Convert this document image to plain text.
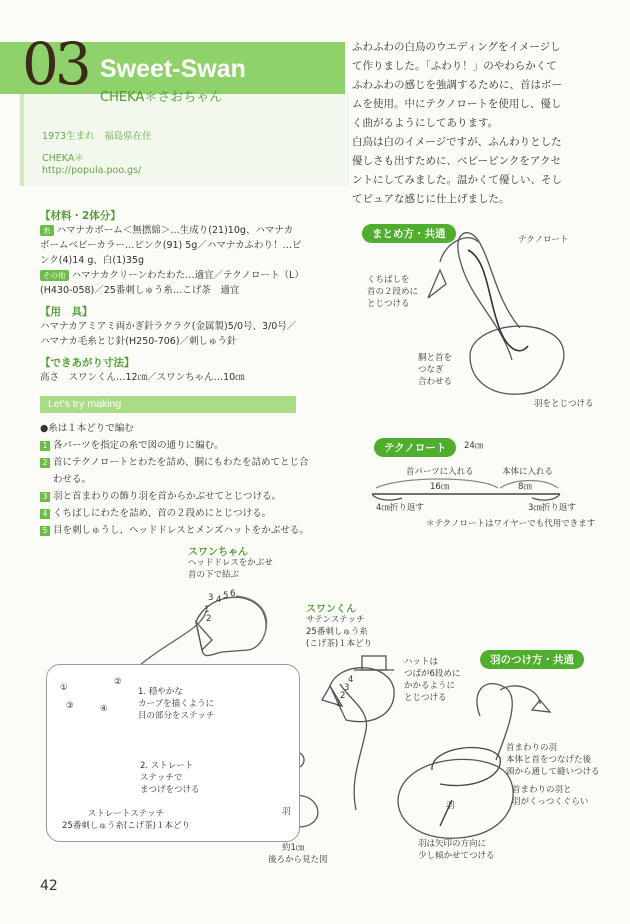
03 Sweet-Swan
CHEKA＊さおちゃん
1973生まれ　福島県在住
CHEKA＊
http://popula.poo.gs/

ふわふわの白鳥のウエディングをイメージし

て作りました。「ふわり！」のやわらかくて

ふわふわの感じを強調するために、首はボー

ムを使用。中にテクノロートを使用し、優し

く曲がるようにしてあります。

白鳥は白のイメージですが、ふんわりとした

優しさも出すために、ベビーピンクをアクセ

ントにしてみました。温かくて優しい、そし

てピュアな感じに仕上げました。

【材料・2体分】
糸 ハマナカボーム＜無撚綿＞…生成り(21)10g、ハマナカ
ボームベビーカラー…ピンク(91) 5g／ハマナカふわり！…ピ
ンク(4)14 g、白(1)35g
その他 ハマナカクリーンわたわた…適宜／テクノロート（L）
(H430-058)／25番刺しゅう糸…こげ茶　適宜
【用　具】
ハマナカアミアミ両かぎ針ラクラク(金属製)5/0号、3/0号／
ハマナカ毛糸とじ針(H250-706)／刺しゅう針
【できあがり寸法】
高さ　スワンくん…12㎝／スワンちゃん…10㎝
Let's try making
●糸は１本どりで編む
1 各パーツを指定の糸で図の通りに編む。
2 首にテクノロートとわたを詰め、胴にもわたを詰めてとじ合
わせる。
3 羽と首まわりの飾り羽を首からかぶせてとじつける。
4 くちばしにわたを詰め、首の２段めにとじつける。
5 目を刺しゅうし、ヘッドドレスとメンズハットをかぶせる。
まとめ方・共通	テクノロート
くちばしを
首の２段めに
とじつける
胴と首を
つなぎ
合わせる
羽をとじつける
テクノロート	24㎝
首パーツに入れる	本体に入れる
16㎝	8㎝
4㎝折り返す	3㎝折り返す
＊テクノロートはワイヤーでも代用できます
スワンちゃん
ヘッドドレスをかぶせ
首の下で結ぶ
3 4 5 6
1
2
スワンくん
サテンステッチ
25番刺しゅう糸
(こげ茶)１本どり
ハットは
つばが6段めに
かかるように
とじつける
4
3
2
1
①
②
③	④
1. 穏やかな
カーブを描くように
目の部分をステッチ
2. ストレート
ステッチで
まつげをつける
ストレートステッチ
25番刺しゅう糸(こげ茶)１本どり
羽
約1㎝
後ろから見た図
羽のつけ方・共通
首まわりの羽
本体と首をつなげた後
頭から通して縫いつける
首まわりの羽と
羽がくっつくぐらい
羽
羽は矢印の方向に
少し傾かせてつける
42
